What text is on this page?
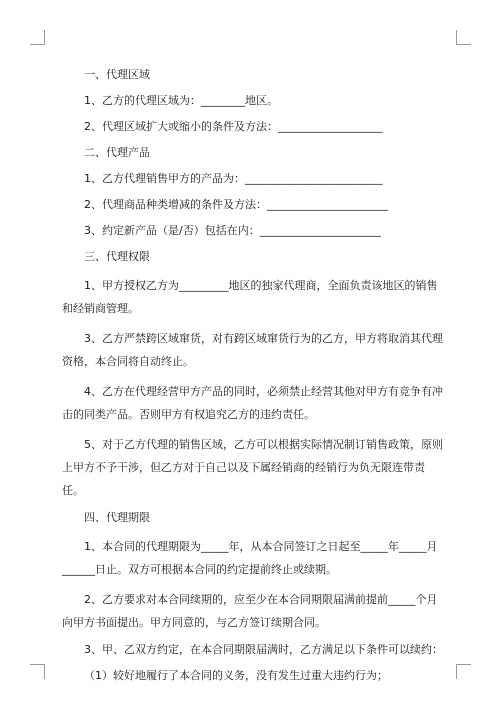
一、代理区域

1、乙方的代理区域为：________地区。

2、代理区域扩大或缩小的条件及方法：___________________

二、代理产品

1、乙方代理销售甲方的产品为：_________________________

2、代理商品种类增减的条件及方法：______________________

3、约定新产品（是/否）包括在内：______________________

三、代理权限

1、甲方授权乙方为_________地区的独家代理商，全面负责该地区的销售和经销商管理。

3、乙方严禁跨区域窜货，对有跨区域窜货行为的乙方，甲方将取消其代理资格，本合同将自动终止。

4、乙方在代理经营甲方产品的同时，必须禁止经营其他对甲方有竞争有冲击的同类产品。否则甲方有权追究乙方的违约责任。

5、对于乙方代理的销售区域，乙方可以根据实际情况制订销售政策，原则上甲方不予干涉，但乙方对于自己以及下属经销商的经销行为负无限连带责任。

四、代理期限

1、本合同的代理期限为_____年，从本合同签订之日起至_____年_____月______日止。双方可根据本合同的约定提前终止或续期。

2、乙方要求对本合同续期的，应至少在本合同期限届满前提前_____个月向甲方书面提出。甲方同意的，与乙方签订续期合同。

3、甲、乙双方约定，在本合同期限届满时，乙方满足以下条件可以续约：

（1）较好地履行了本合同的义务，没有发生过重大违约行为；
